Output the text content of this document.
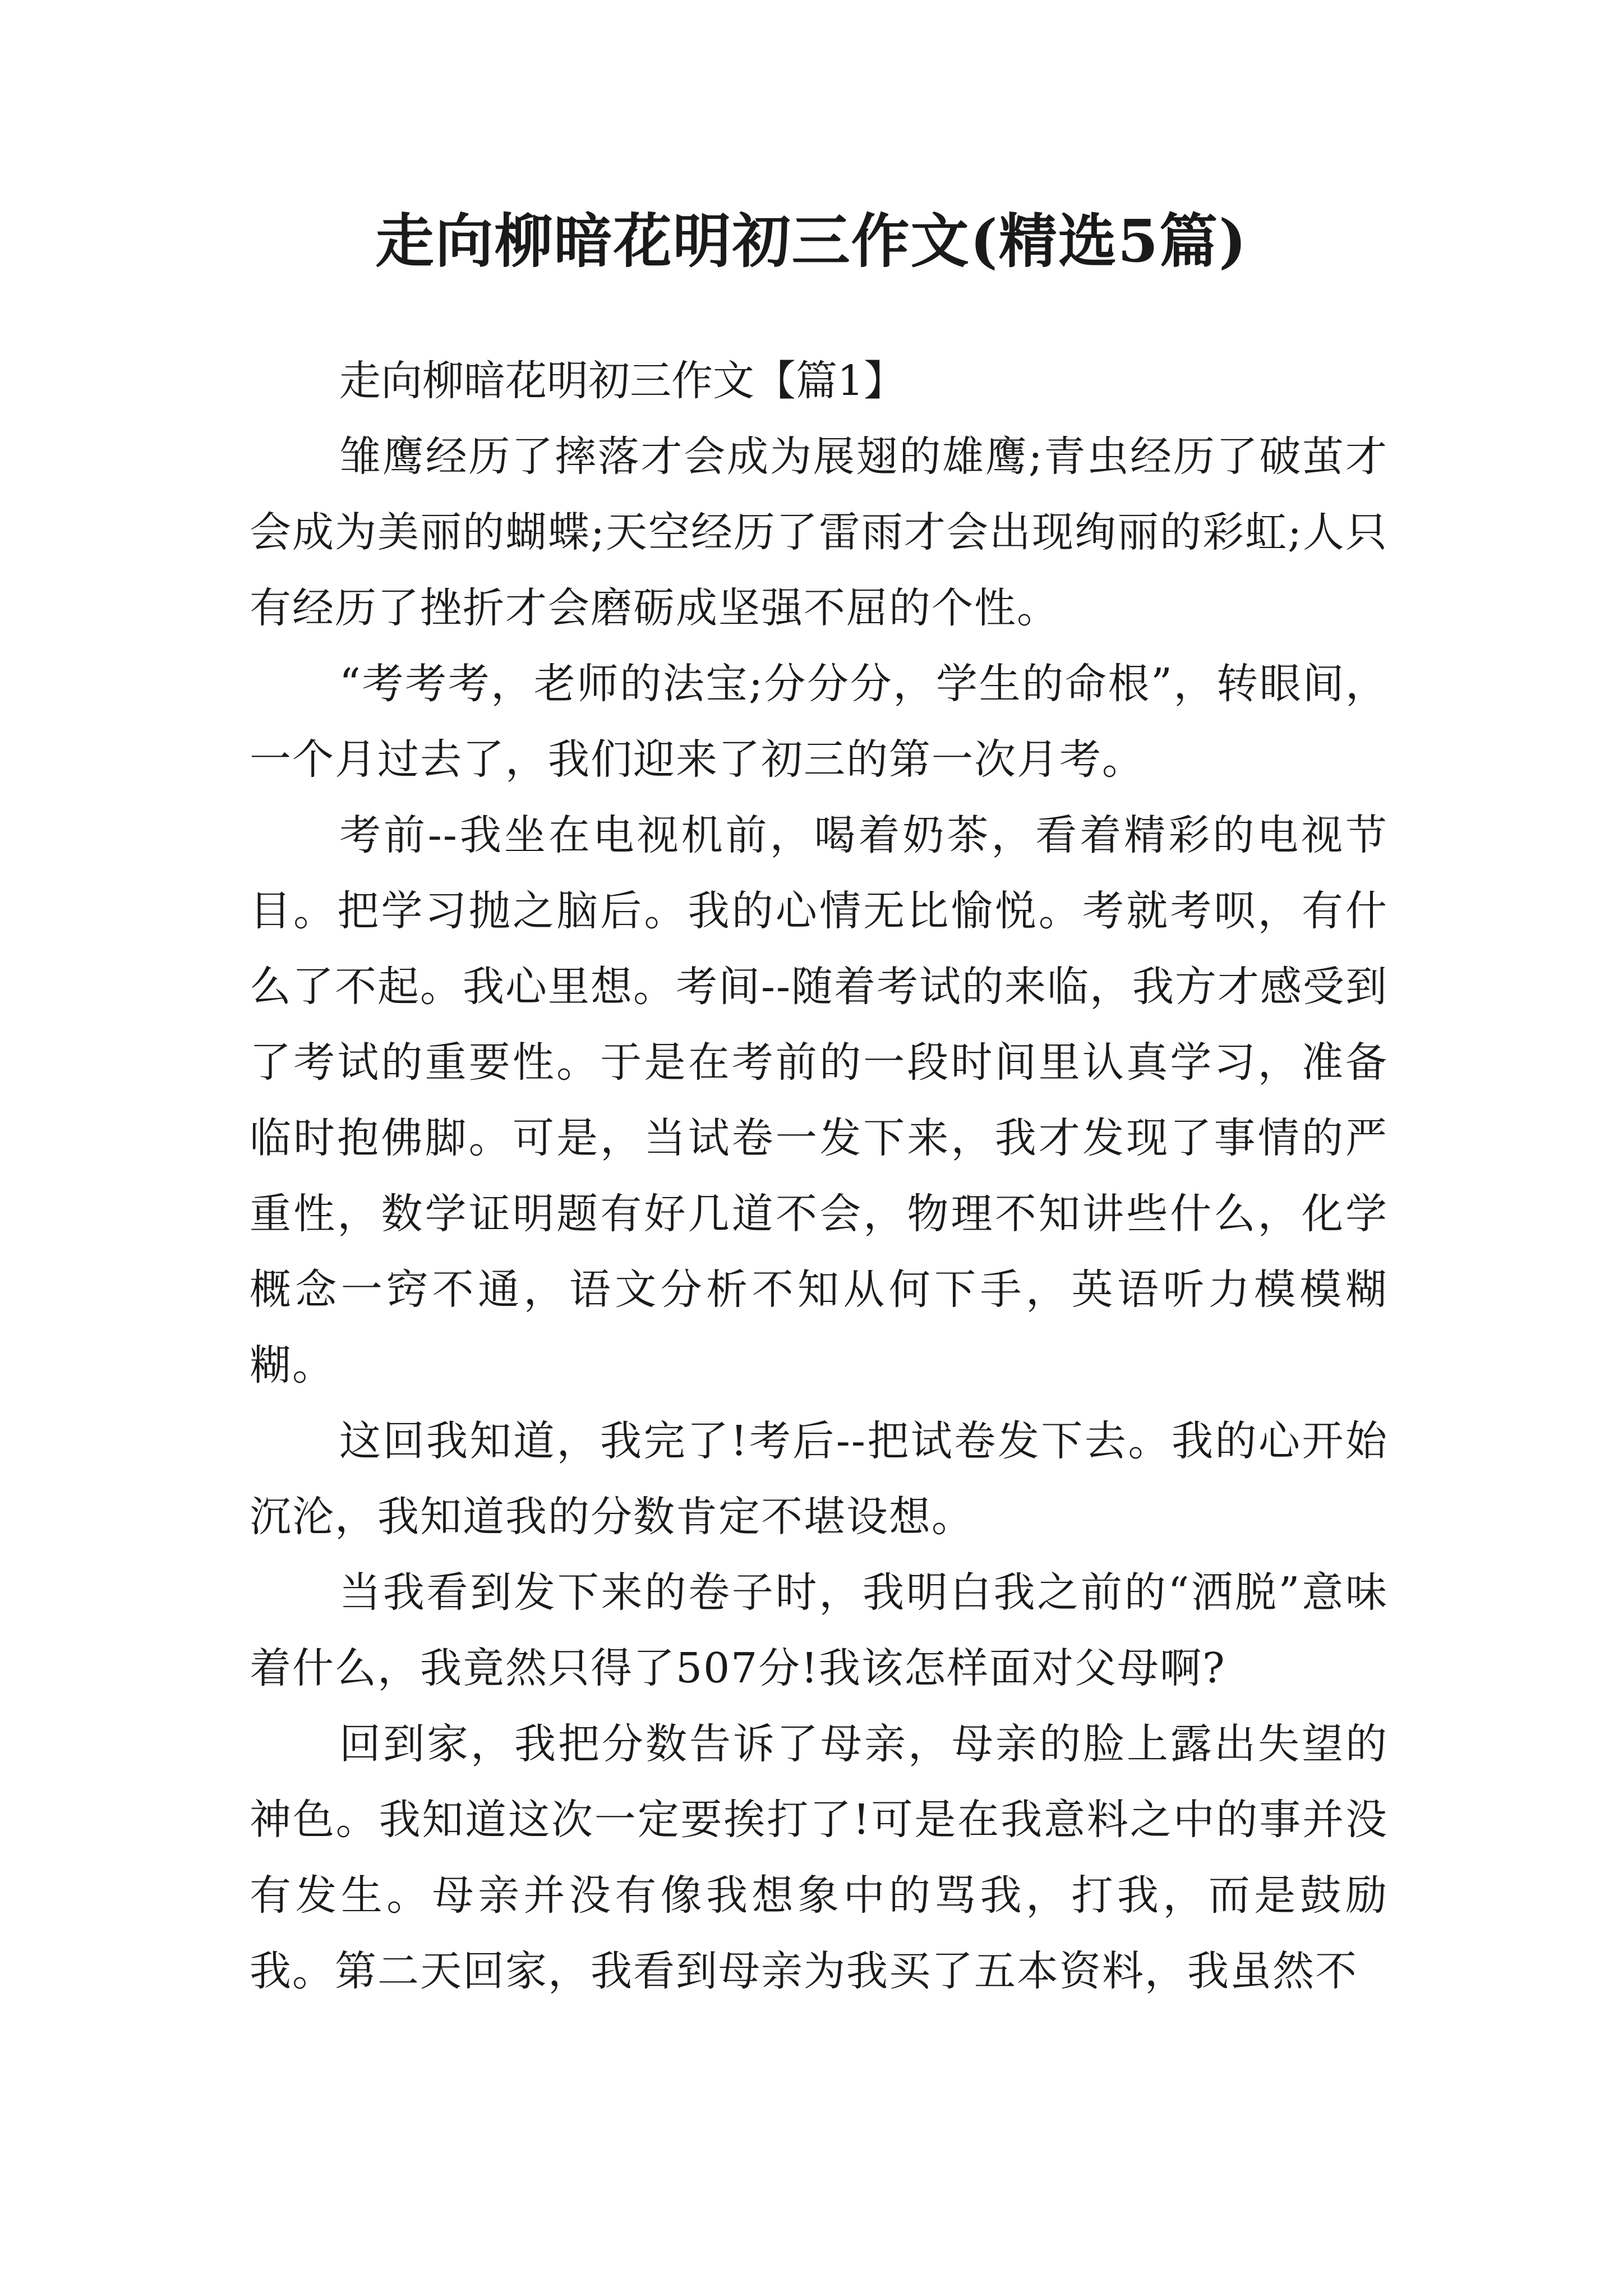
走向柳暗花明初三作文(精选5篇)

走向柳暗花明初三作文【篇1】

雏鹰经历了摔落才会成为展翅的雄鹰;青虫经历了破茧才会成为美丽的蝴蝶;天空经历了雷雨才会出现绚丽的彩虹;人只有经历了挫折才会磨砺成坚强不屈的个性。

“考考考，老师的法宝;分分分，学生的命根”，转眼间，一个月过去了，我们迎来了初三的第一次月考。

考前--我坐在电视机前，喝着奶茶，看着精彩的电视节目。把学习抛之脑后。我的心情无比愉悦。考就考呗，有什么了不起。我心里想。考间--随着考试的来临，我方才感受到了考试的重要性。于是在考前的一段时间里认真学习，准备临时抱佛脚。可是，当试卷一发下来，我才发现了事情的严重性，数学证明题有好几道不会，物理不知讲些什么，化学概念一窍不通，语文分析不知从何下手，英语听力模模糊糊。

这回我知道，我完了!考后--把试卷发下去。我的心开始沉沦，我知道我的分数肯定不堪设想。

当我看到发下来的卷子时，我明白我之前的“洒脱”意味着什么，我竟然只得了507分!我该怎样面对父母啊?

回到家，我把分数告诉了母亲，母亲的脸上露出失望的神色。我知道这次一定要挨打了!可是在我意料之中的事并没有发生。母亲并没有像我想象中的骂我，打我，而是鼓励我。第二天回家，我看到母亲为我买了五本资料，我虽然不
